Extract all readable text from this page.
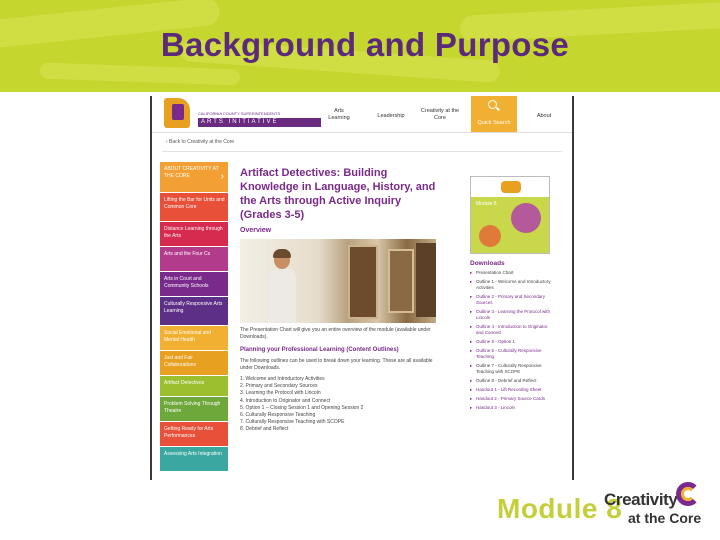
Background and Purpose
CALIFORNIA COUNTY SUPERINTENDENTS
ARTS INITIATIVE
Arts Learning	Leadership
Creativity at the Core
Quick Search
About
‹ Back to Creativity at the Core
ABOUT CREATIVITY AT THE CORE	›
Lifting the Bar for Units and Common Core
Distance Learning through the Arts
Arts and the Four Cs
Arts in Court and Community Schools
Culturally Responsive Arts Learning
Social Emotional and Mental Health
Just and Fair Collaborations
Artifact Detectives
Problem Solving Through Theatre
Getting Ready for Arts Performances
Assessing Arts Integration
Artifact Detectives: Building Knowledge in Language, History, and the Arts through Active Inquiry (Grades 3-5)
Overview
The Presentation Chart will give you an entire overview of the module (available under Downloads).
Planning your Professional Learning (Content Outlines)
The following outlines can be used to break down your learning. These are all available under Downloads.
1. Welcome and Introductory Activities
2. Primary and Secondary Sources
3. Learning the Protocol with Lincoln
4. Introduction to Originator and Connect
5. Option 1 – Closing Session 1 and Opening Session 2
6. Culturally Responsive Teaching
7. Culturally Responsive Teaching with SCOPE
8. Debrief and Reflect
Module 8
Downloads
▸ Presentation Chart
▸ Outline 1 - Welcome and Introductory Activities
▸ Outline 2 - Primary and Secondary Sources
▸ Outline 3 - Learning the Protocol with Lincoln
▸ Outline 4 - Introduction to Originator and Connect
▸ Outline 5 - Option 1
▸ Outline 6 - Culturally Responsive Teaching
▸ Outline 7 - Culturally Responsive Teaching with SCOPE
▸ Outline 8 - Debrief and Reflect
▸ Handout 1 - Lift Recording Sheet
▸ Handout 2 - Primary Source Cards
▸ Handout 3 - Lincoln
Module 8
Creativity
at the Core
